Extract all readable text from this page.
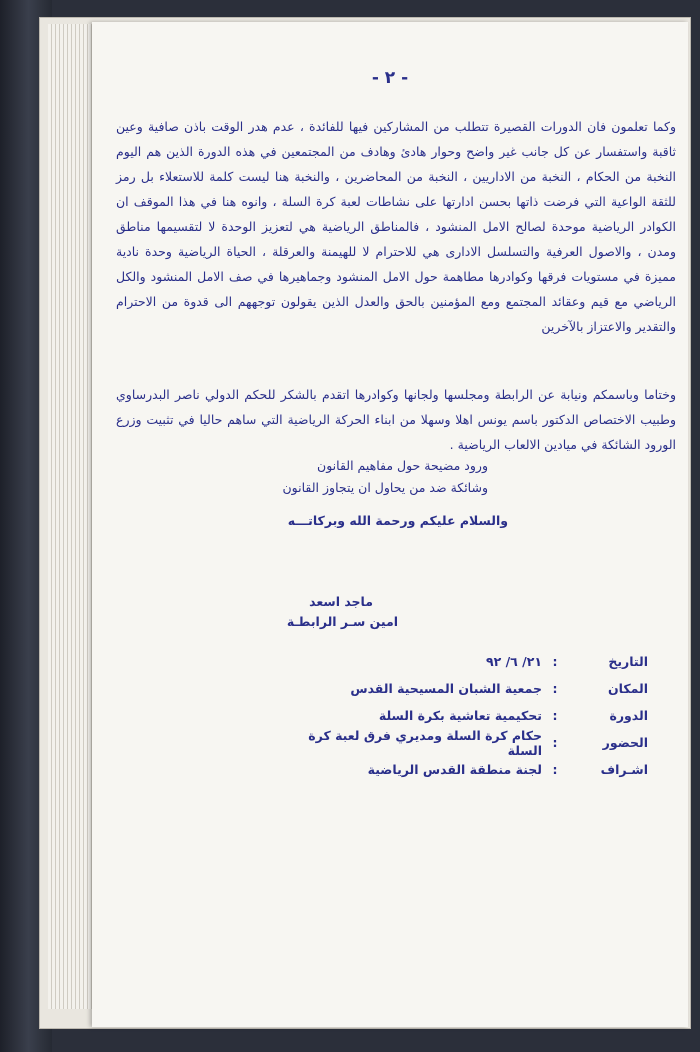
- ٢ -
وكما تعلمون فان الدورات القصيرة تتطلب من المشاركين فيها للفائدة ، عدم هدر الوقت باذن صافية وعين ثاقبة واستفسار عن كل جانب غير واضح وحوار هادئ وهادف من المجتمعين في هذه الدورة الذين هم اليوم النخبة من الحكام ، النخبة من الاداريين ، النخبة من المحاضرين ، والنخبة هنا ليست كلمة للاستعلاء بل رمز للثقة الواعية التي فرضت ذاتها بحسن ادارتها على نشاطات لعبة كرة السلة ، وانوه هنا في هذا الموقف ان الكوادر الرياضية موحدة لصالح الامل المنشود ، فالمناطق الرياضية هي لتعزيز الوحدة لا لتقسيمها مناطق ومدن ، والاصول العرفية والتسلسل الادارى هي للاحترام لا للهيمنة والعرقلة ، الحياة الرياضية وحدة نادية مميزة في مستويات فرقها وكوادرها مطاهمة حول الامل المنشود وجماهيرها في صف الامل المنشود والكل الرياضي مع قيم وعقائد المجتمع ومع المؤمنين بالحق والعدل الذين يقولون توجههم الى قدوة من الاحترام والتقدير والاعتزاز بالآخرين
وختاما وباسمكم ونيابة عن الرابطة ومجلسها ولجانها وكوادرها اتقدم بالشكر للحكم الدولي ناصر البدرساوي وطبيب الاختصاص الدكتور باسم يونس اهلا وسهلا من ابناء الحركة الرياضية التي ساهم حاليا في تثبيت وزرع الورود الشائكة في ميادين الالعاب الرياضية .
ورود مضيحة حول مفاهيم القانون
وشائكة ضد من يحاول ان يتجاوز القانون
والسلام عليكم ورحمة الله وبركاتـــه
ماجد اسعد
امين سـر الرابطـة
التاريخ
:
٢١/ ٦/ ٩٢
المكان
:
جمعية الشبان المسيحية القدس
الدورة
:
تحكيمية تعاشية بكرة السلة
الحضور
:
حكام كرة السلة ومديري فرق لعبة كرة السلة
اشـراف
:
لجنة منطقة القدس الرياضية
